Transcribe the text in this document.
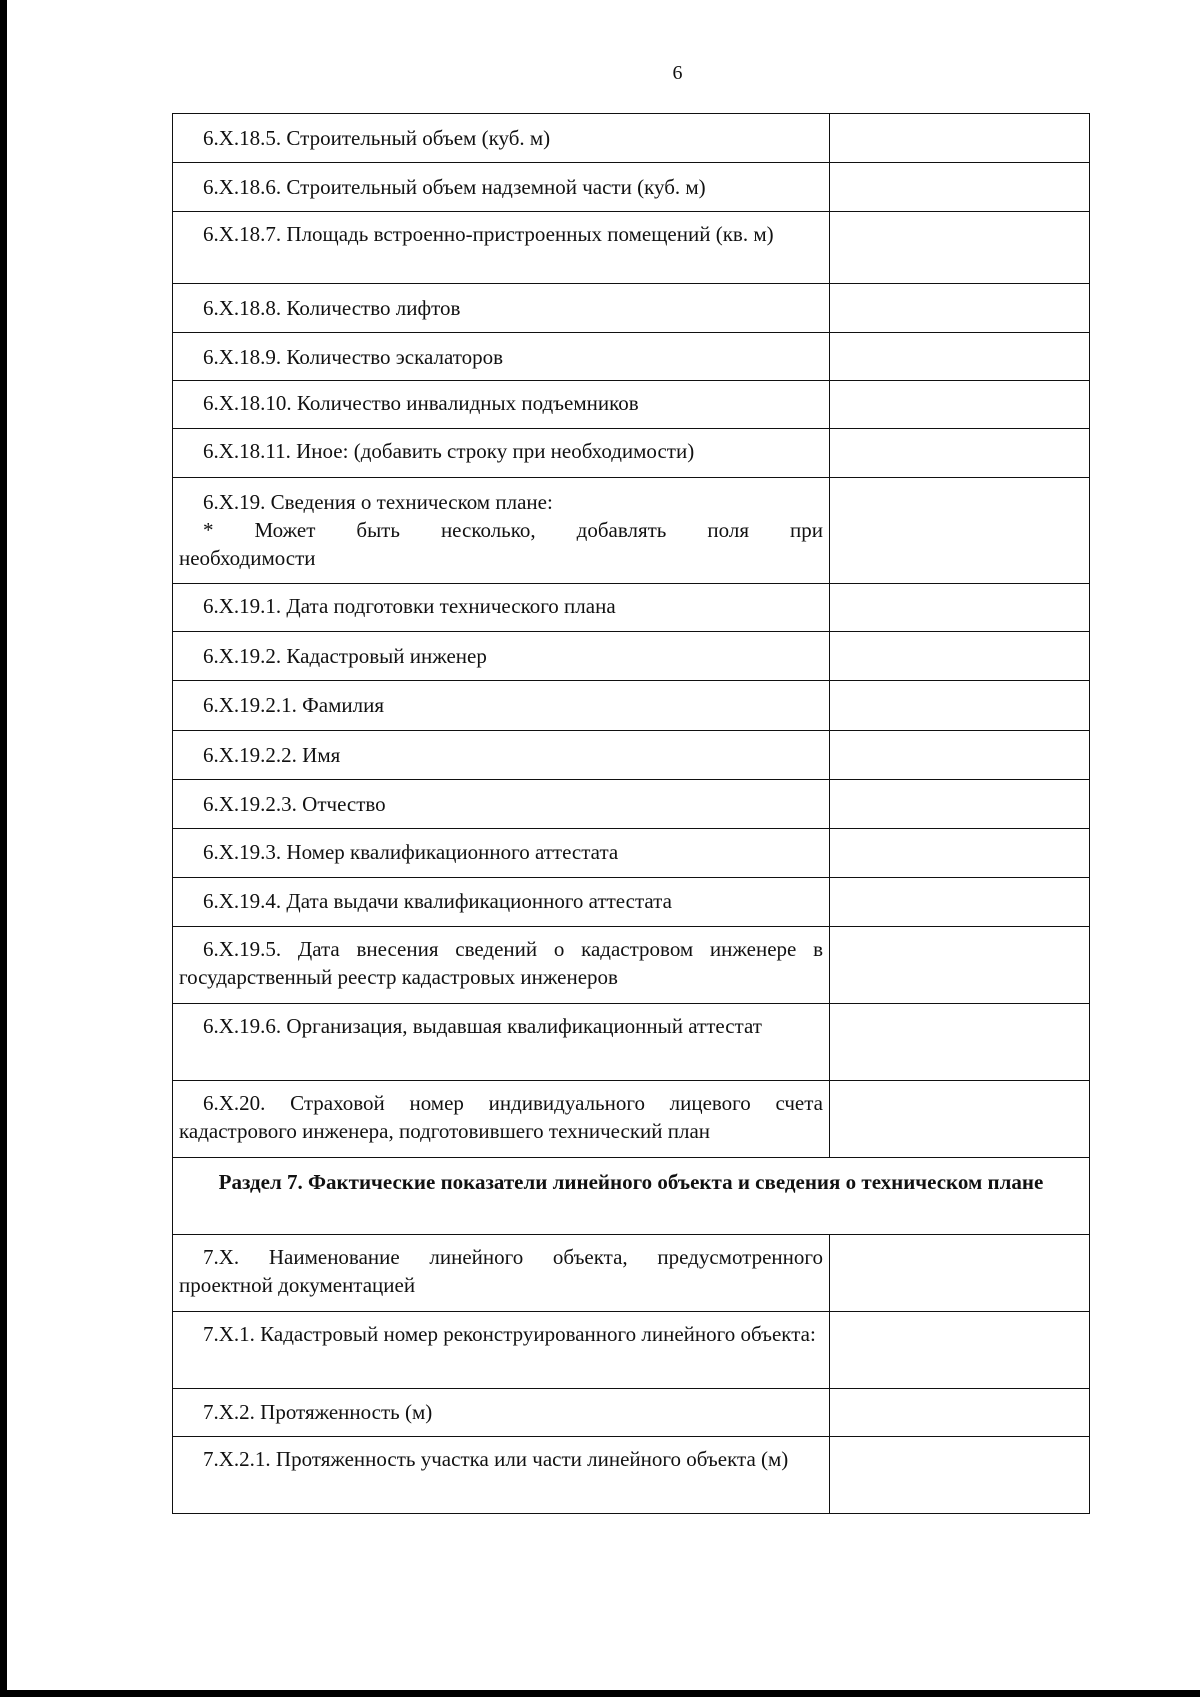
6
6.X.18.5. Строительный объем (куб. м)	
6.X.18.6. Строительный объем надземной части (куб. м)	
6.X.18.7. Площадь встроенно-пристроенных помещений (кв. м)	
6.X.18.8. Количество лифтов	
6.X.18.9. Количество эскалаторов	
6.X.18.10. Количество инвалидных подъемников	
6.X.18.11. Иное: (добавить строку при необходимости)	

6.X.19. Сведения о техническом плане:
* Может быть несколько, добавлять поля при
необходимости	

6.X.19.1. Дата подготовки технического плана	
6.X.19.2. Кадастровый инженер	
6.X.19.2.1. Фамилия	
6.X.19.2.2. Имя	
6.X.19.2.3. Отчество	
6.X.19.3. Номер квалификационного аттестата	
6.X.19.4. Дата выдачи квалификационного аттестата	
6.X.19.5. Дата внесения сведений о кадастровом инженере в государственный реестр кадастровых инженеров	
6.X.19.6. Организация, выдавшая квалификационный аттестат	
6.X.20. Страховой номер индивидуального лицевого счета кадастрового инженера, подготовившего технический план	
Раздел 7. Фактические показатели линейного объекта и сведения о техническом плане	
7.X. Наименование линейного объекта, предусмотренного проектной документацией	
7.X.1. Кадастровый номер реконструированного линейного объекта:	
7.X.2. Протяженность (м)	
7.X.2.1. Протяженность участка или части линейного объекта (м)	
